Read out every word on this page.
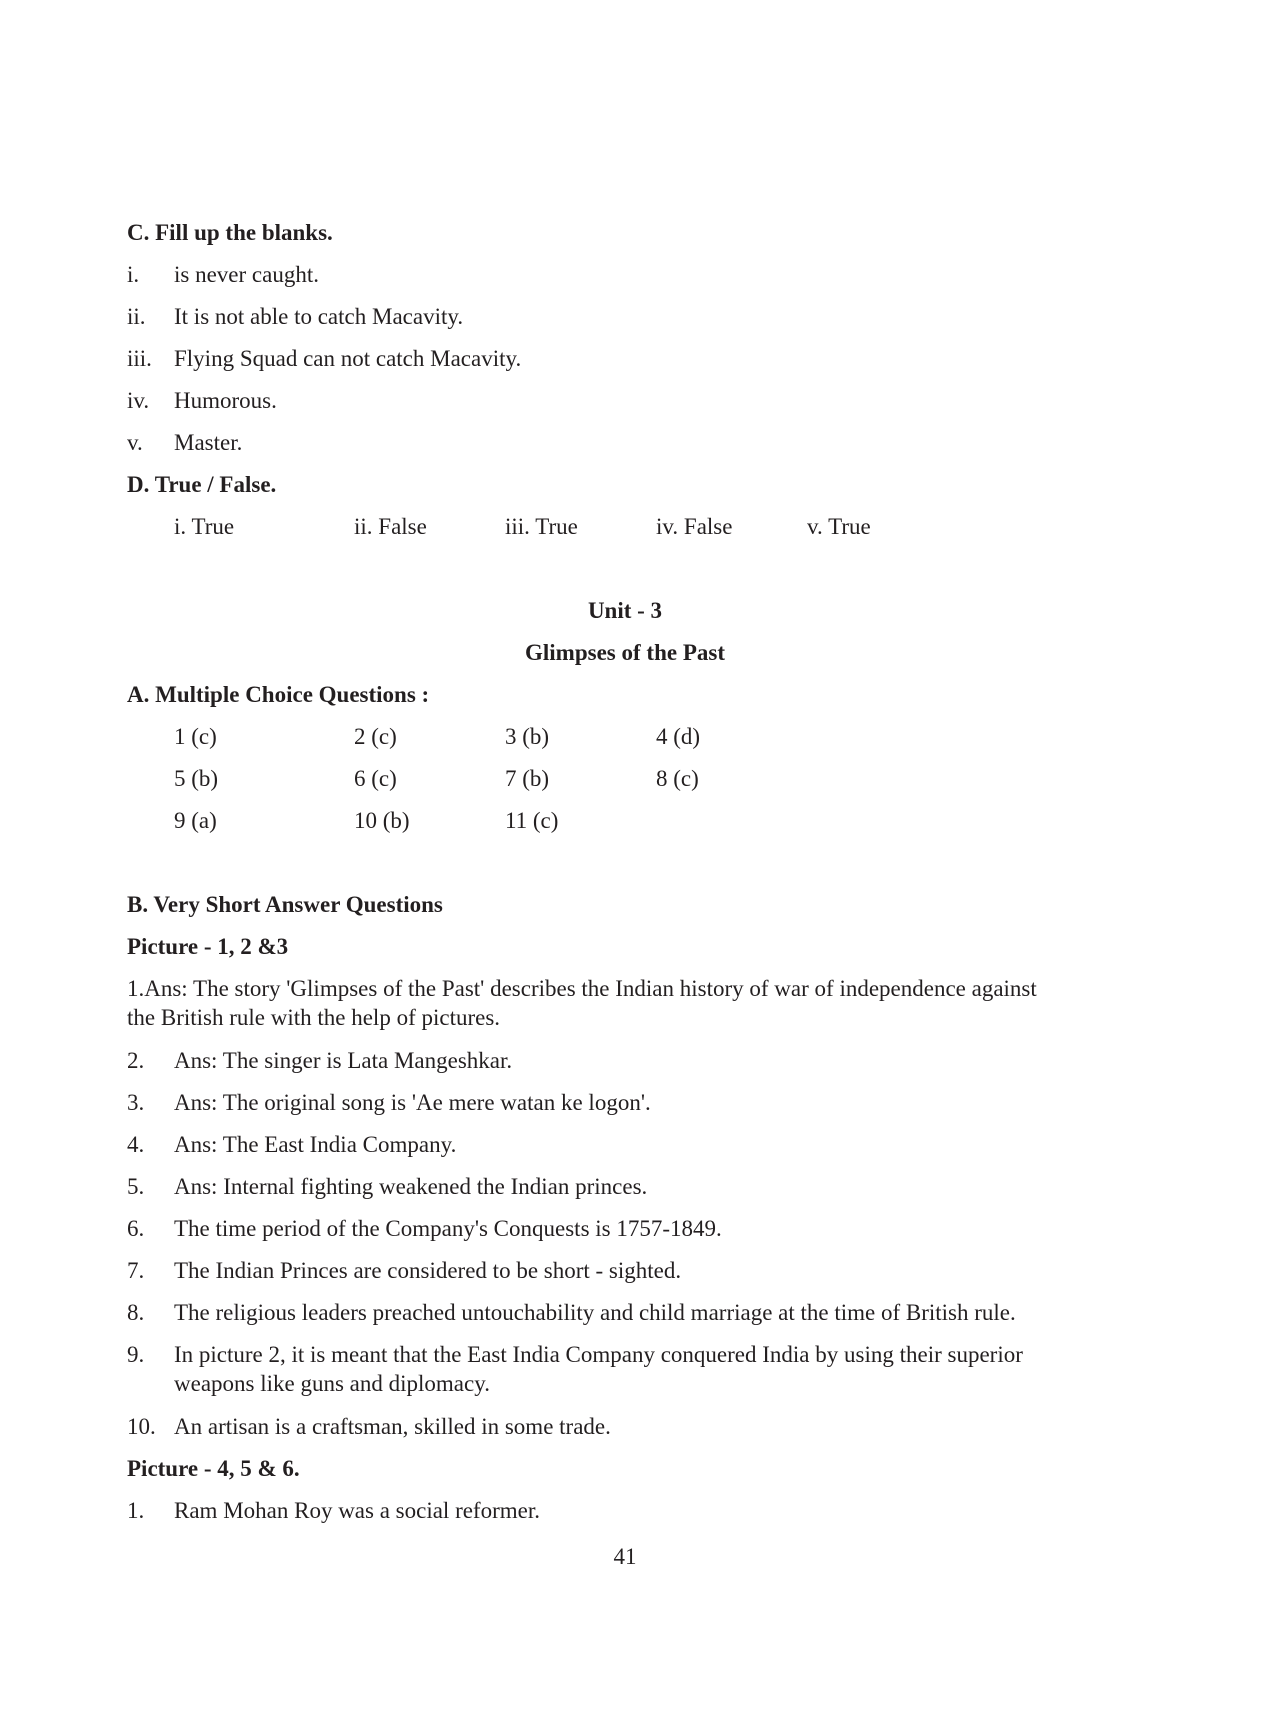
C. Fill up the blanks.
i. is never caught.
ii. It is not able to catch Macavity.
iii. Flying Squad can not catch Macavity.
iv. Humorous.
v. Master.
D. True / False.
i. True	ii. False	iii. True	iv. False	v. True
Unit - 3
Glimpses of the Past
A. Multiple Choice Questions :
1 (c)	2 (c)	3 (b)	4 (d)
5 (b)	6 (c)	7 (b)	8 (c)
9 (a)	10 (b)	11 (c)
B. Very Short Answer Questions
Picture - 1, 2 &3
1.Ans: The story 'Glimpses of the Past' describes the Indian history of war of independence against
the British rule with the help of pictures.
2. Ans: The singer is Lata Mangeshkar.
3. Ans: The original song is 'Ae mere watan ke logon'.
4. Ans: The East India Company.
5. Ans: Internal fighting weakened the Indian princes.
6. The time period of the Company's Conquests is 1757-1849.
7. The Indian Princes are considered to be short - sighted.
8. The religious leaders preached untouchability and child marriage at the time of British rule.
9. In picture 2, it is meant that the East India Company conquered India by using their superior
weapons like guns and diplomacy.
10. An artisan is a craftsman, skilled in some trade.
Picture - 4, 5 & 6.
1. Ram Mohan Roy was a social reformer.
41
